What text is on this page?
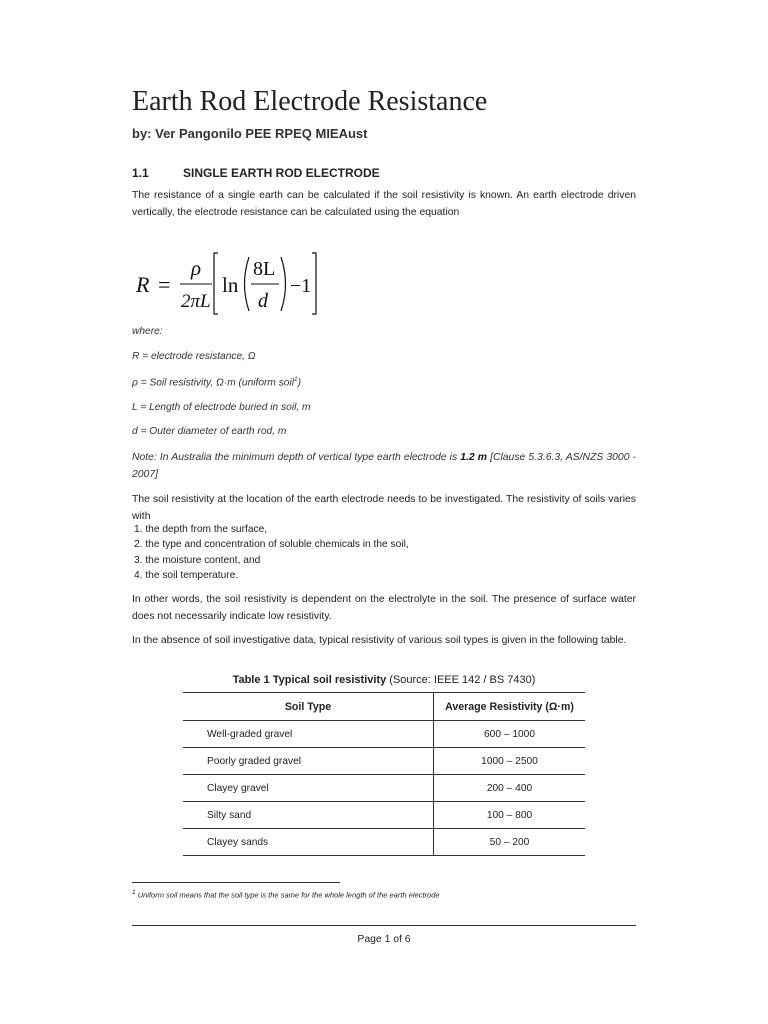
Earth Rod Electrode Resistance
by: Ver Pangonilo PEE RPEQ MIEAust
1.1	SINGLE EARTH ROD ELECTRODE
The resistance of a single earth can be calculated if the soil resistivity is known. An earth electrode driven vertically, the electrode resistance can be calculated using the equation
R =
ρ
2πL
ln
8L
d
−1
where:
R = electrode resistance, Ω
ρ = Soil resistivity, Ω·m (uniform soil$^1$)
L = Length of electrode buried in soil, m
d = Outer diameter of earth rod, m
Note: In Australia the minimum depth of vertical type earth electrode is 1.2 m [Clause 5.3.6.3, AS/NZS 3000 - 2007]
The soil resistivity at the location of the earth electrode needs to be investigated. The resistivity of soils varies with
1. the depth from the surface,
2. the type and concentration of soluble chemicals in the soil,
3. the moisture content, and
4. the soil temperature.
In other words, the soil resistivity is dependent on the electrolyte in the soil. The presence of surface water does not necessarily indicate low resistivity.
In the absence of soil investigative data, typical resistivity of various soil types is given in the following table.
Table 1 Typical soil resistivity (Source: IEEE 142 / BS 7430)
Soil Type	Average Resistivity (Ω·m)
Well-graded gravel	600 – 1000
Poorly graded gravel	1000 – 2500
Clayey gravel	200 – 400
Silty sand	100 – 800
Clayey sands	50 – 200
$^1$ Uniform soil means that the soil type is the same for the whole length of the earth electrode
Page 1 of 6
